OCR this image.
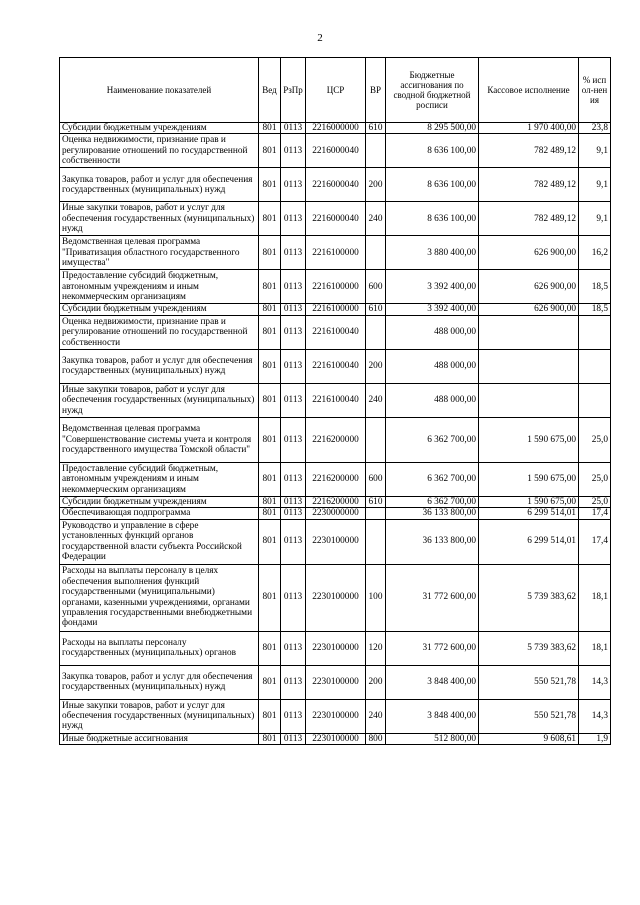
2
Наименование показателей	Вед	РзПр	ЦСР	ВР	Бюджетные ассигнования по сводной бюджетной росписи	Кассовое исполнение	% испол-нения
Субсидии бюджетным учреждениям	801	0113	2216000000	610	8 295 500,00	1 970 400,00	23,8
Оценка недвижимости, признание прав и регулирование отношений по государственной собственности	801	0113	2216000040		8 636 100,00	782 489,12	9,1
Закупка товаров, работ и услуг для обеспечения государственных (муниципальных) нужд	801	0113	2216000040	200	8 636 100,00	782 489,12	9,1
Иные закупки товаров, работ и услуг для обеспечения государственных (муниципальных) нужд	801	0113	2216000040	240	8 636 100,00	782 489,12	9,1
Ведомственная целевая программа "Приватизация областного государственного имущества"	801	0113	2216100000		3 880 400,00	626 900,00	16,2
Предоставление субсидий бюджетным, автономным учреждениям и иным некоммерческим организациям	801	0113	2216100000	600	3 392 400,00	626 900,00	18,5
Субсидии бюджетным учреждениям	801	0113	2216100000	610	3 392 400,00	626 900,00	18,5
Оценка недвижимости, признание прав и регулирование отношений по государственной собственности	801	0113	2216100040		488 000,00		
Закупка товаров, работ и услуг для обеспечения государственных (муниципальных) нужд	801	0113	2216100040	200	488 000,00		
Иные закупки товаров, работ и услуг для обеспечения государственных (муниципальных) нужд	801	0113	2216100040	240	488 000,00		
Ведомственная целевая программа "Совершенствование системы учета и контроля государственного имущества Томской области"	801	0113	2216200000		6 362 700,00	1 590 675,00	25,0
Предоставление субсидий бюджетным, автономным учреждениям и иным некоммерческим организациям	801	0113	2216200000	600	6 362 700,00	1 590 675,00	25,0
Субсидии бюджетным учреждениям	801	0113	2216200000	610	6 362 700,00	1 590 675,00	25,0
Обеспечивающая подпрограмма	801	0113	2230000000		36 133 800,00	6 299 514,01	17,4
Руководство и управление в сфере установленных функций органов государственной власти субъекта Российской Федерации	801	0113	2230100000		36 133 800,00	6 299 514,01	17,4
Расходы на выплаты персоналу в целях обеспечения выполнения функций государственными (муниципальными) органами, казенными учреждениями, органами управления государственными внебюджетными фондами	801	0113	2230100000	100	31 772 600,00	5 739 383,62	18,1
Расходы на выплаты персоналу государственных (муниципальных) органов	801	0113	2230100000	120	31 772 600,00	5 739 383,62	18,1
Закупка товаров, работ и услуг для обеспечения государственных (муниципальных) нужд	801	0113	2230100000	200	3 848 400,00	550 521,78	14,3
Иные закупки товаров, работ и услуг для обеспечения государственных (муниципальных) нужд	801	0113	2230100000	240	3 848 400,00	550 521,78	14,3
Иные бюджетные ассигнования	801	0113	2230100000	800	512 800,00	9 608,61	1,9
